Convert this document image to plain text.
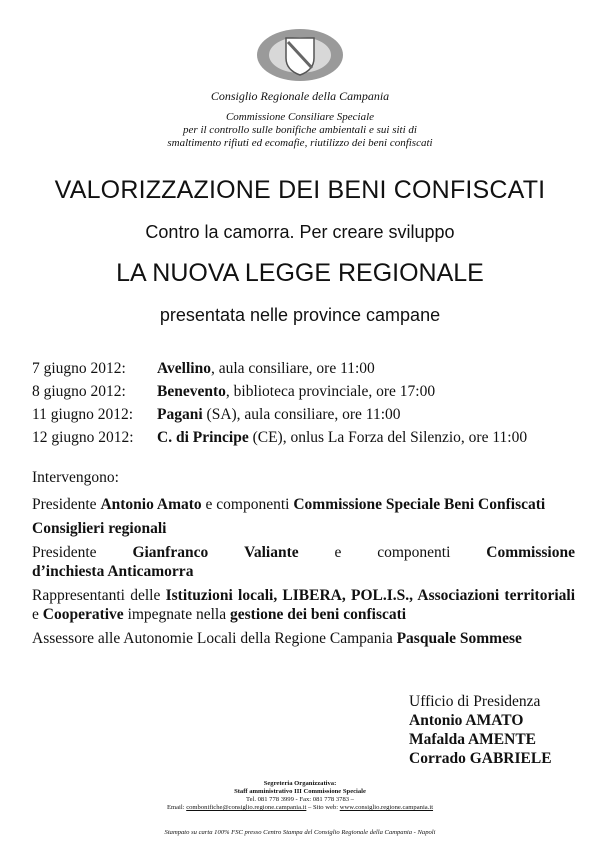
Consiglio Regionale della Campania
Commissione Consiliare Speciale
per il controllo sulle bonifiche ambientali e sui siti di
smaltimento rifiuti ed ecomafie, riutilizzo dei beni confiscati
VALORIZZAZIONE DEI BENI CONFISCATI
Contro la camorra. Per creare sviluppo
LA NUOVA LEGGE REGIONALE
presentata nelle province campane
7 giugno 2012:	Avellino, aula consiliare, ore 11:00
8 giugno 2012:	Benevento, biblioteca provinciale, ore 17:00
11 giugno 2012:	Pagani (SA), aula consiliare, ore 11:00
12 giugno 2012:	C. di Principe (CE), onlus La Forza del Silenzio, ore 11:00
Intervengono:

Presidente Antonio Amato e componenti Commissione Speciale Beni Confiscati

Consiglieri regionali

Presidente Gianfranco Valiante e componenti Commissione

d’inchiesta Anticamorra

Rappresentanti delle Istituzioni locali, LIBERA, POL.I.S., Associazioni territoriali e Cooperative impegnate nella gestione dei beni confiscati

Assessore alle Autonomie Locali della Regione Campania Pasquale Sommese

Ufficio di Presidenza
Antonio AMATO
Mafalda AMENTE
Corrado GABRIELE
Segreteria Organizzativa:
Staff amministrativo III Commissione Speciale
Tel. 081 778 3999 - Fax: 081 778 3783 –
Email: combonifiche@consiglio.regione.campania.it – Sito web: www.consiglio.regione.campania.it
Stampato su carta 100% FSC presso Centro Stampa del Consiglio Regionale della Campania - Napoli
